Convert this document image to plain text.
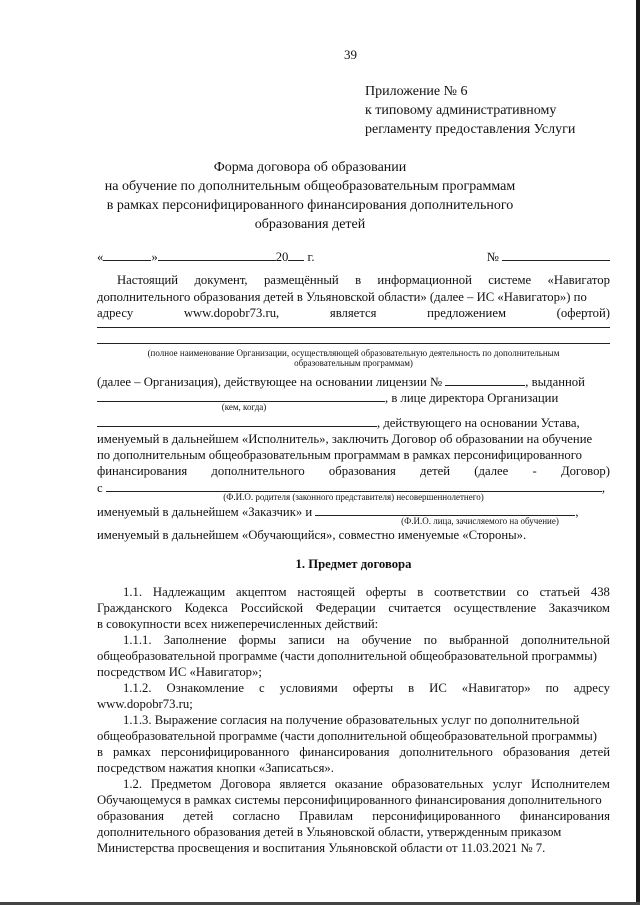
39
Приложение № 6
к типовому административному
регламенту предоставления Услуги
Форма договора об образовании
на обучение по дополнительным общеобразовательным программам
в рамках персонифицированного финансирования дополнительного
образования детей
«	»	20 г.	№
Настоящий документ, размещённый в информационной системе «Навигатор
дополнительного образования детей в Ульяновской области» (далее – ИС «Навигатор») по
адресу	www.dopobr73.ru,	является	предложением	(офертой)
(полное наименование Организации, осуществляющей образовательную деятельность по дополнительным
образовательным программам)
(далее – Организация), действующее на основании лицензии №	, выданной
, в лице директора Организации
(кем, когда)
, действующего на основании Устава,
именуемый в дальнейшем «Исполнитель», заключить Договор об образовании на обучение
по дополнительным общеобразовательным программам в рамках персонифицированного
финансирования дополнительного образования детей (далее - Договор)
с	,
(Ф.И.О. родителя (законного представителя) несовершеннолетнего)
именуемый в дальнейшем «Заказчик» и	,
(Ф.И.О. лица, зачисляемого на обучение)
именуемый в дальнейшем «Обучающийся», совместно именуемые «Стороны».
1. Предмет договора
1.1. Надлежащим акцептом настоящей оферты в соответствии со статьей 438
Гражданского Кодекса Российской Федерации считается осуществление Заказчиком
в совокупности всех нижеперечисленных действий:
1.1.1. Заполнение формы записи на обучение по выбранной дополнительной
общеобразовательной программе (части дополнительной общеобразовательной программы)
посредством ИС «Навигатор»;
1.1.2. Ознакомление с условиями оферты в ИС «Навигатор» по адресу
www.dopobr73.ru;
1.1.3. Выражение согласия на получение образовательных услуг по дополнительной
общеобразовательной программе (части дополнительной общеобразовательной программы)
в рамках персонифицированного финансирования дополнительного образования детей
посредством нажатия кнопки «Записаться».
1.2. Предметом Договора является оказание образовательных услуг Исполнителем
Обучающемуся в рамках системы персонифицированного финансирования дополнительного
образования детей согласно Правилам персонифицированного финансирования
дополнительного образования детей в Ульяновской области, утвержденным приказом
Министерства просвещения и воспитания Ульяновской области от 11.03.2021 № 7.
